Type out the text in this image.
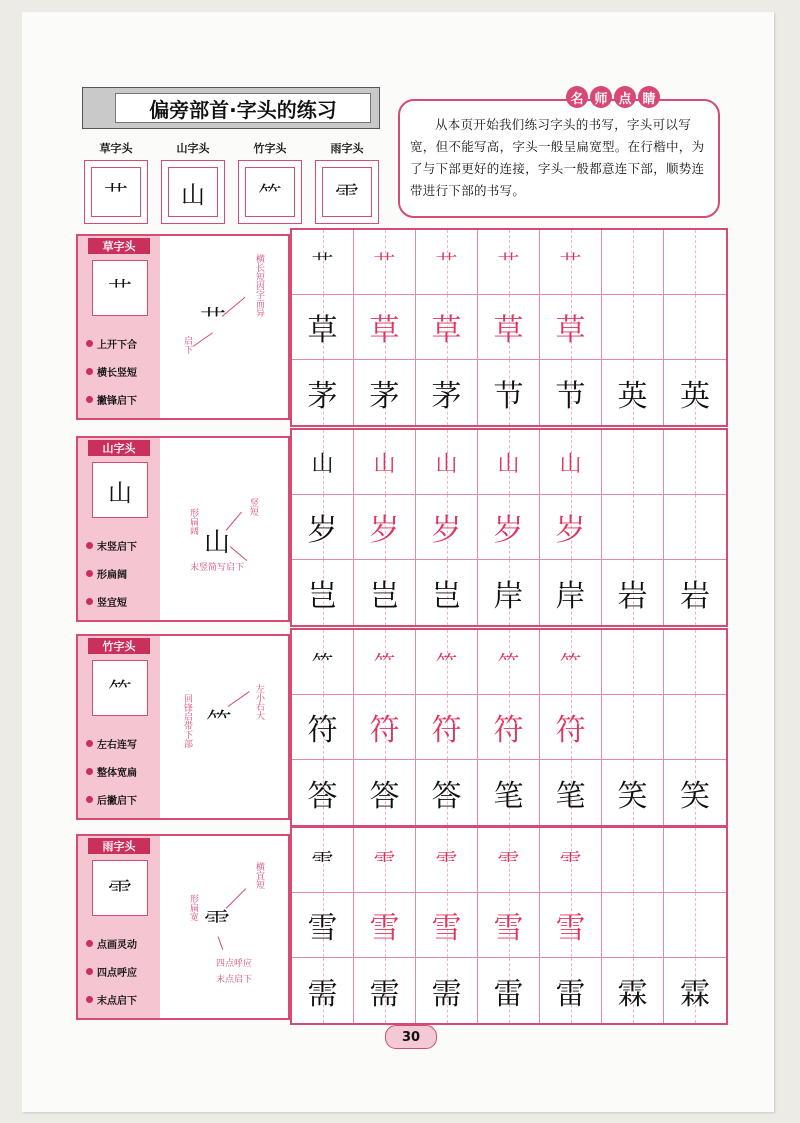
偏旁部首·字头的练习
草字头
艹
山字头
山
竹字头
⺮
雨字头
⻗
名 师 点 睛
从本页开始我们练习字头的书写，字头可以写宽，但不能写高，字头一般呈扁宽型。在行楷中，为了与下部更好的连接，字头一般都意连下部，顺势连带进行下部的书写。
草字头
艹
上开下合
横长竖短
撇锋启下
艹
横长短因字而异
启下
艹 艹 艹 艹 艹
草 草 草 草 草
茅 茅 茅 节 节 英 英
山字头
山
末竖启下
形扁阔
竖宜短
山
形扁阔
竖短
末竖简写启下
山 山 山 山 山
岁 岁 岁 岁 岁
岂 岂 岂 岸 岸 岩 岩
竹字头
⺮
左右连写
整体宽扁
后撇启下
⺮
回锋启带下部	左小右大
⺮ ⺮ ⺮ ⺮ ⺮
符 符 符 符 符
答 答 答 笔 笔 笑 笑
雨字头
⻗
点画灵动
四点呼应
末点启下
⻗
形扁宽
横宜短
四点呼应
末点启下
⻗ ⻗ ⻗ ⻗ ⻗
雪 雪 雪 雪 雪
需 需 需 雷 雷 霖 霖
30
